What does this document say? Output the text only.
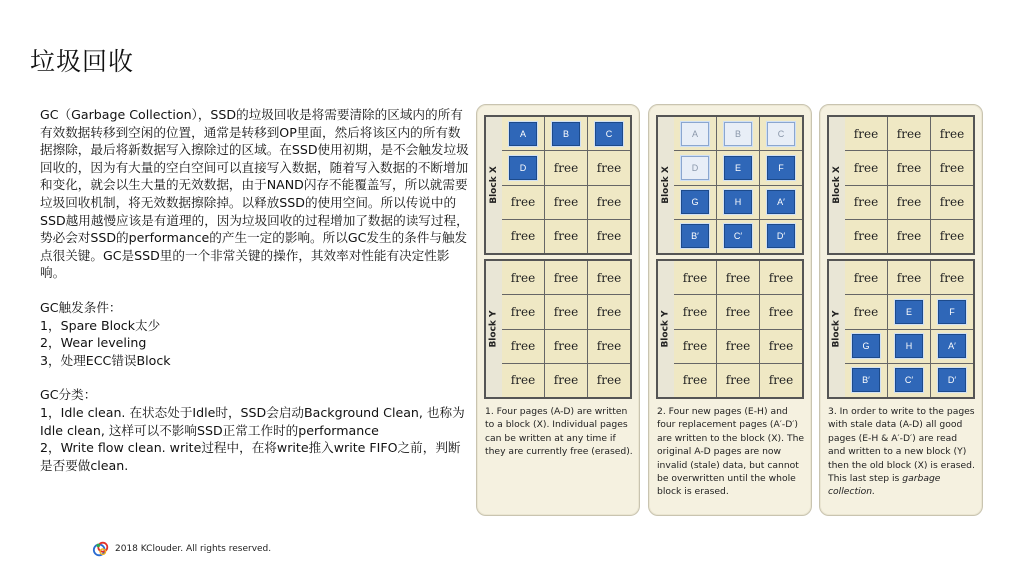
垃圾回收

GC（Garbage Collection），SSD的垃圾回收是将需要清除的区域内的所有有效数据转移到空闲的位置，通常是转移到OP里面，然后将该区内的所有数据擦除，最后将新数据写入擦除过的区域。在SSD使用初期，是不会触发垃圾回收的，因为有大量的空白空间可以直接写入数据，随着写入数据的不断增加和变化，就会以生大量的无效数据，由于NAND闪存不能覆盖写，所以就需要垃圾回收机制，将无效数据擦除掉。以释放SSD的使用空间。所以传说中的SSD越用越慢应该是有道理的，因为垃圾回收的过程增加了数据的读写过程，势必会对SSD的performance的产生一定的影响。所以GC发生的条件与触发点很关键。GC是SSD里的一个非常关键的操作，其效率对性能有决定性影响。

GC触发条件：

1，Spare Block太少

2，Wear leveling

3，处理ECC错误Block

GC分类：

1，Idle clean. 在状态处于Idle时，SSD会启动Background Clean, 也称为Idle clean, 这样可以不影响SSD正常工作时的performance

2，Write flow clean. write过程中，在将write推入write FIFO之前，判断是否要做clean.

Block X
A	B	C
D	free	free
free	free	free
free	free	free
Block Y
free	free	free
free	free	free
free	free	free
free	free	free
1. Four pages (A-D) are written to a block (X). Individual pages can be written at any time if they are currently free (erased).
Block X
A	B	C
D	E	F
G	H	A′
B′	C′	D′
Block Y
free	free	free
free	free	free
free	free	free
free	free	free
2. Four new pages (E-H) and four replacement pages (A′-D′) are written to the block (X). The original A-D pages are now invalid (stale) data, but cannot be overwritten until the whole block is erased.
Block X
free	free	free
free	free	free
free	free	free
free	free	free
Block Y
free	free	free
free	E	F
G	H	A′
B′	C′	D′
3. In order to write to the pages with stale data (A-D) all good pages (E-H & A′-D′) are read and written to a new block (Y) then the old block (X) is erased. This last step is garbage collection.
2018 KClouder. All rights reserved.
